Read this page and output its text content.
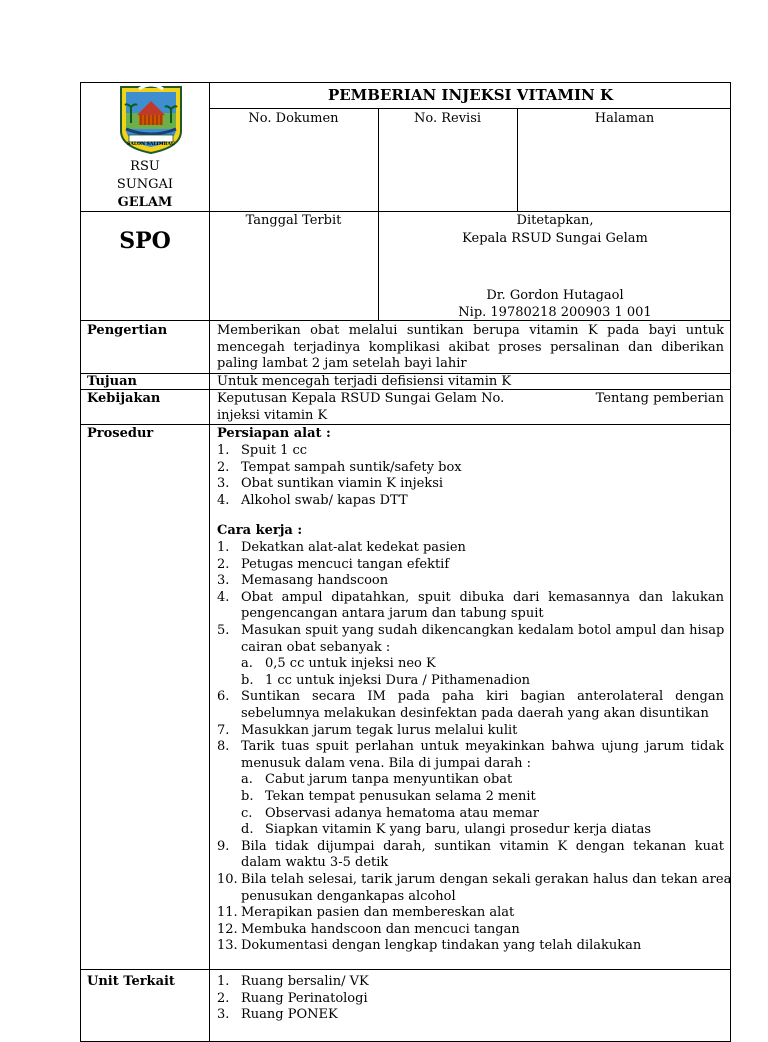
SALON SALIMBAU
RSU
SUNGAI
GELAM
PEMBERIAN INJEKSI VITAMIN K
No. Dokumen	No. Revisi	Halaman
SPO
Tanggal Terbit	Ditetapkan,
Kepala RSUD Sungai Gelam
Dr. Gordon Hutagaol
Nip. 19780218 200903 1 001
Pengertian	Memberikan obat melalui suntikan berupa vitamin K pada bayi untuk
mencegah terjadinya komplikasi akibat proses persalinan dan diberikan
paling lambat 2 jam setelah bayi lahir
Tujuan	Untuk mencegah terjadi defisiensi vitamin K
Kebijakan	Keputusan Kepala RSUD Sungai Gelam No.	Tentang pemberian
injeksi vitamin K
Prosedur	Persiapan alat :
1. Spuit 1 cc
2. Tempat sampah suntik/safety box
3. Obat suntikan viamin K injeksi
4. Alkohol swab/ kapas DTT
Cara kerja :
1. Dekatkan alat-alat kedekat pasien
2. Petugas mencuci tangan efektif
3. Memasang handscoon
4. Obat ampul dipatahkan, spuit dibuka dari kemasannya dan lakukan
pengencangan antara jarum dan tabung spuit
5. Masukan spuit yang sudah dikencangkan kedalam botol ampul dan hisap
cairan obat sebanyak :
a. 0,5 cc untuk injeksi neo K
b. 1 cc untuk injeksi Dura / Pithamenadion
6. Suntikan secara IM pada paha kiri bagian anterolateral dengan
sebelumnya melakukan desinfektan pada daerah yang akan disuntikan
7. Masukkan jarum tegak lurus melalui kulit
8. Tarik tuas spuit perlahan untuk meyakinkan bahwa ujung jarum tidak
menusuk dalam vena. Bila di jumpai darah :
a. Cabut jarum tanpa menyuntikan obat
b. Tekan tempat penusukan selama 2 menit
c. Observasi adanya hematoma atau memar
d. Siapkan vitamin K yang baru, ulangi prosedur kerja diatas
9. Bila tidak dijumpai darah, suntikan vitamin K dengan tekanan kuat
dalam waktu 3-5 detik
10. Bila telah selesai, tarik jarum dengan sekali gerakan halus dan tekan area
penusukan dengankapas alcohol
11. Merapikan pasien dan membereskan alat
12. Membuka handscoon dan mencuci tangan
13. Dokumentasi dengan lengkap tindakan yang telah dilakukan
Unit Terkait	1. Ruang bersalin/ VK
2. Ruang Perinatologi
3. Ruang PONEK
